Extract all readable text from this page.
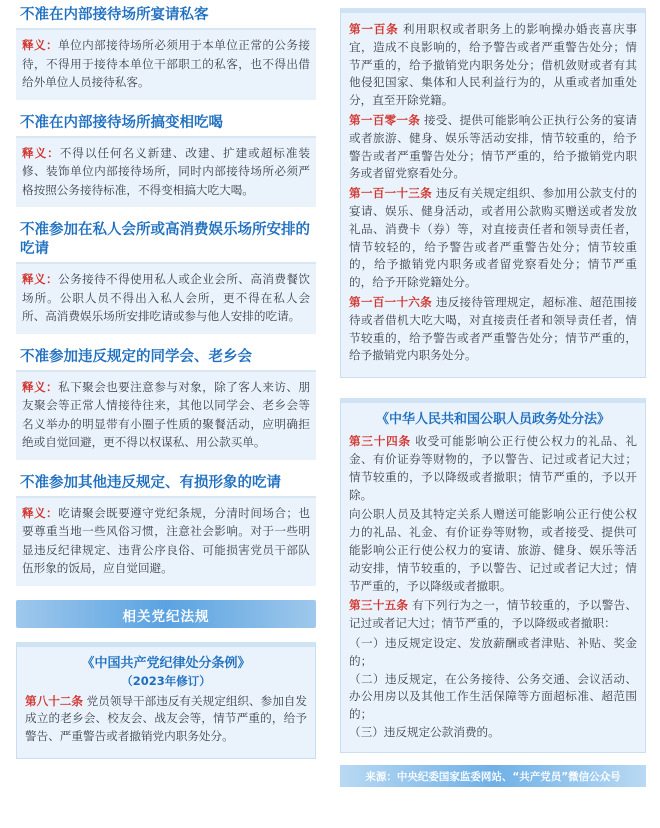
不准在内部接待场所宴请私客
释义：单位内部接待场所必须用于本单位正常的公务接待，不得用于接待本单位干部职工的私客，也不得出借给外单位人员接待私客。
不准在内部接待场所搞变相吃喝
释义：不得以任何名义新建、改建、扩建或超标准装修、装饰单位内部接待场所，同时内部接待场所必须严格按照公务接待标准，不得变相搞大吃大喝。
不准参加在私人会所或高消费娱乐场所安排的吃请
释义：公务接待不得使用私人或企业会所、高消费餐饮场所。公职人员不得出入私人会所，更不得在私人会所、高消费娱乐场所安排吃请或参与他人安排的吃请。
不准参加违反规定的同学会、老乡会
释义：私下聚会也要注意参与对象，除了客人来访、朋友聚会等正常人情接待往来，其他以同学会、老乡会等名义举办的明显带有小圈子性质的聚餐活动，应明确拒绝或自觉回避，更不得以权谋私、用公款买单。
不准参加其他违反规定、有损形象的吃请
释义：吃请聚会既要遵守党纪条规，分清时间场合；也要尊重当地一些风俗习惯，注意社会影响。对于一些明显违反纪律规定、违背公序良俗、可能损害党员干部队伍形象的饭局，应自觉回避。
相关党纪法规
《中国共产党纪律处分条例》
（2023年修订）
第八十二条 党员领导干部违反有关规定组织、参加自发成立的老乡会、校友会、战友会等，情节严重的，给予警告、严重警告或者撤销党内职务处分。
第一百条 利用职权或者职务上的影响操办婚丧喜庆事宜，造成不良影响的，给予警告或者严重警告处分；情节严重的，给予撤销党内职务处分；借机敛财或者有其他侵犯国家、集体和人民利益行为的，从重或者加重处分，直至开除党籍。
第一百零一条 接受、提供可能影响公正执行公务的宴请或者旅游、健身、娱乐等活动安排，情节较重的，给予警告或者严重警告处分；情节严重的，给予撤销党内职务或者留党察看处分。
第一百一十三条 违反有关规定组织、参加用公款支付的宴请、娱乐、健身活动，或者用公款购买赠送或者发放礼品、消费卡（券）等，对直接责任者和领导责任者，情节较轻的，给予警告或者严重警告处分；情节较重的，给予撤销党内职务或者留党察看处分；情节严重的，给予开除党籍处分。
第一百一十六条 违反接待管理规定，超标准、超范围接待或者借机大吃大喝，对直接责任者和领导责任者，情节较重的，给予警告或者严重警告处分；情节严重的，给予撤销党内职务处分。
《中华人民共和国公职人员政务处分法》
第三十四条 收受可能影响公正行使公权力的礼品、礼金、有价证券等财物的，予以警告、记过或者记大过；情节较重的，予以降级或者撤职；情节严重的，予以开除。
向公职人员及其特定关系人赠送可能影响公正行使公权力的礼品、礼金、有价证券等财物，或者接受、提供可能影响公正行使公权力的宴请、旅游、健身、娱乐等活动安排，情节较重的，予以警告、记过或者记大过；情节严重的，予以降级或者撤职。
第三十五条 有下列行为之一，情节较重的，予以警告、记过或者记大过；情节严重的，予以降级或者撤职：
（一）违反规定设定、发放薪酬或者津贴、补贴、奖金的；
（二）违反规定，在公务接待、公务交通、会议活动、办公用房以及其他工作生活保障等方面超标准、超范围的；
（三）违反规定公款消费的。
来源：中央纪委国家监委网站、“共产党员”微信公众号
